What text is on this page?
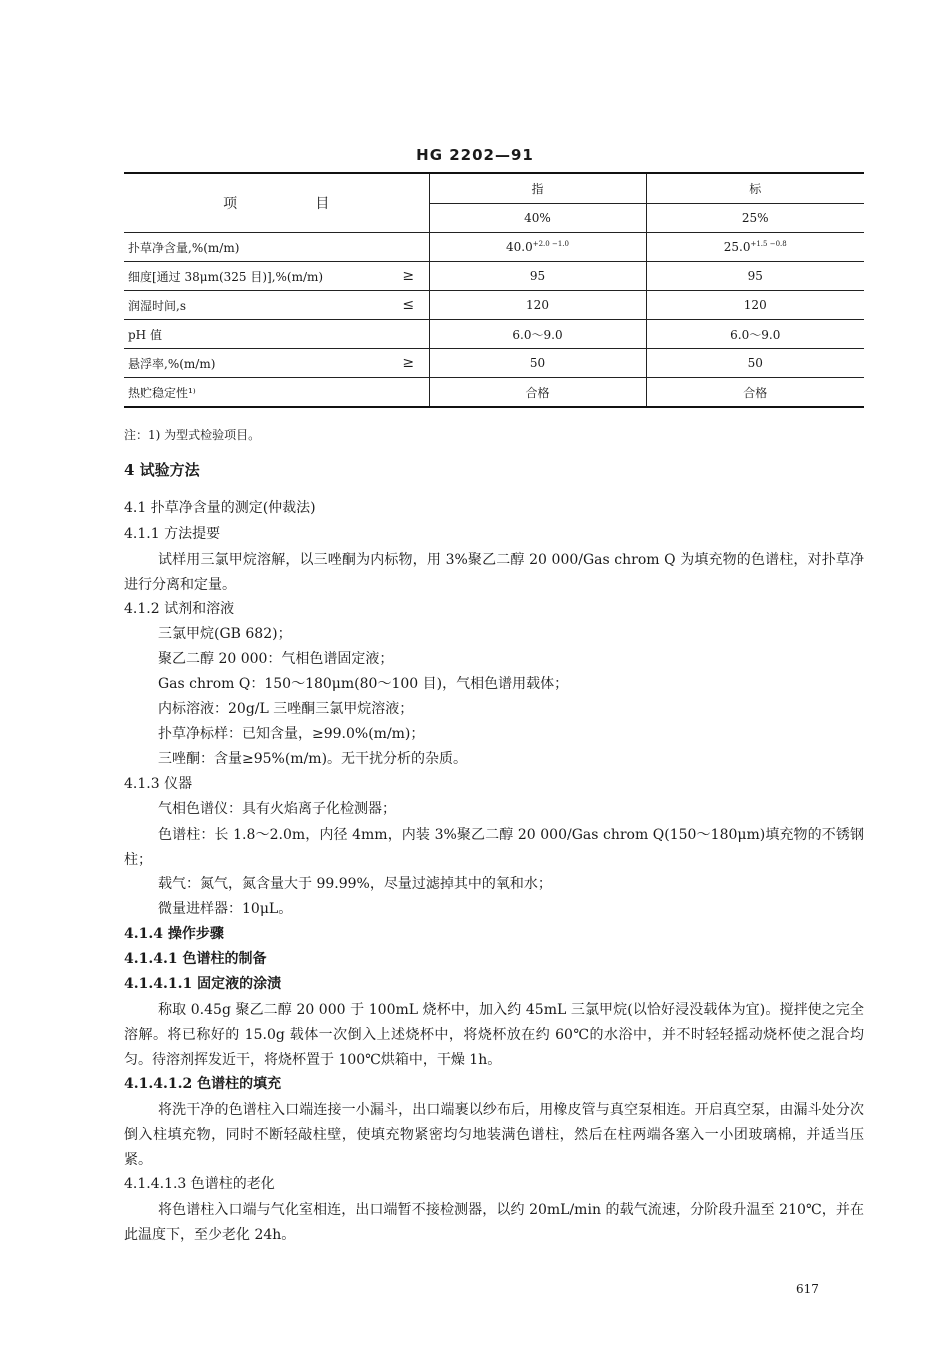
HG 2202—91
项 目		指	标
		40%	25%
扑草净含量,%(m/m)		$40.0^{+2.0 -1.0}$	$25.0^{+1.5 -0.8}$
细度[通过 38μm(325 目)],%(m/m)	≥	95	95
润湿时间,s	≤	120	120
pH 值		6.0～9.0	6.0～9.0
悬浮率,%(m/m)	≥	50	50
热贮稳定性¹⁾		合格	合格
注：1) 为型式检验项目。
4 试验方法
4.1 扑草净含量的测定(仲裁法)
4.1.1 方法提要
试样用三氯甲烷溶解，以三唑酮为内标物，用 3%聚乙二醇 20 000/Gas chrom Q 为填充物的色谱柱，对扑草净进行分离和定量。
4.1.2 试剂和溶液
三氯甲烷(GB 682)；
聚乙二醇 20 000：气相色谱固定液；
Gas chrom Q：150～180μm(80～100 目)，气相色谱用载体；
内标溶液：20g/L 三唑酮三氯甲烷溶液；
扑草净标样：已知含量，≥99.0%(m/m)；
三唑酮：含量≥95%(m/m)。无干扰分析的杂质。
4.1.3 仪器
气相色谱仪：具有火焰离子化检测器；
色谱柱：长 1.8～2.0m，内径 4mm，内装 3%聚乙二醇 20 000/Gas chrom Q(150～180μm)填充物的不锈钢柱；
载气：氮气，氮含量大于 99.99%，尽量过滤掉其中的氧和水；
微量进样器：10μL。
4.1.4 操作步骤
4.1.4.1 色谱柱的制备
4.1.4.1.1 固定液的涂渍
称取 0.45g 聚乙二醇 20 000 于 100mL 烧杯中，加入约 45mL 三氯甲烷(以恰好浸没载体为宜)。搅拌使之完全溶解。将已称好的 15.0g 载体一次倒入上述烧杯中，将烧杯放在约 60℃的水浴中，并不时轻轻摇动烧杯使之混合均匀。待溶剂挥发近干，将烧杯置于 100℃烘箱中，干燥 1h。
4.1.4.1.2 色谱柱的填充
将洗干净的色谱柱入口端连接一小漏斗，出口端裹以纱布后，用橡皮管与真空泵相连。开启真空泵，由漏斗处分次倒入柱填充物，同时不断轻敲柱壁，使填充物紧密均匀地装满色谱柱，然后在柱两端各塞入一小团玻璃棉，并适当压紧。
4.1.4.1.3 色谱柱的老化
将色谱柱入口端与气化室相连，出口端暂不接检测器，以约 20mL/min 的载气流速，分阶段升温至 210℃，并在此温度下，至少老化 24h。
617
